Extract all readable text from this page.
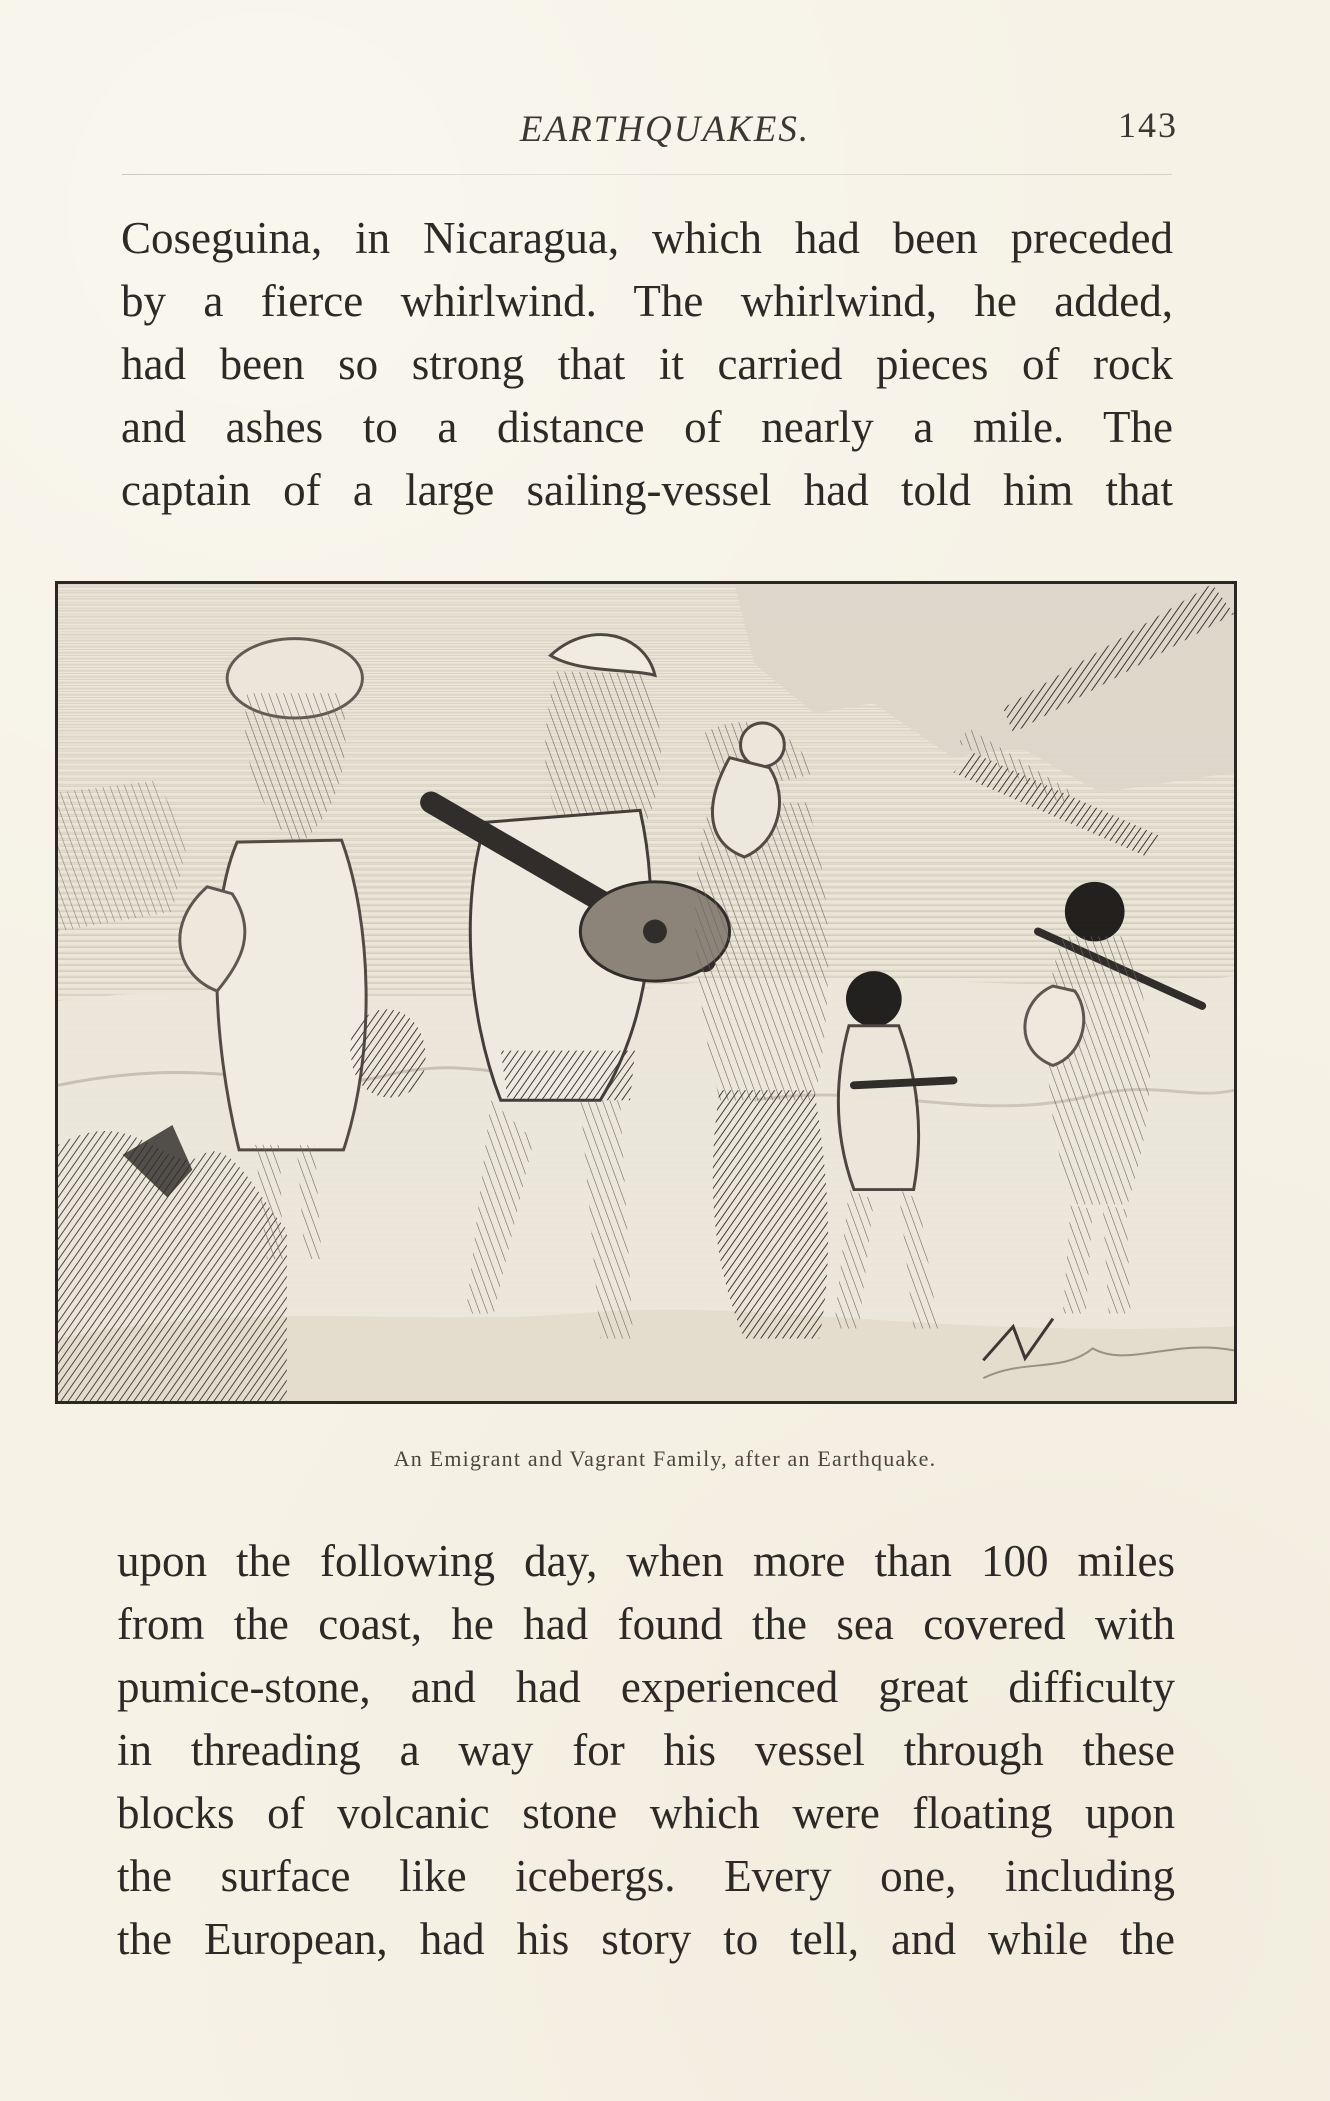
EARTHQUAKES.	143
Coseguina, in Nicaragua, which had been preceded
by a fierce whirlwind. The whirlwind, he added,
had been so strong that it carried pieces of rock
and ashes to a distance of nearly a mile. The
captain of a large sailing-vessel had told him that
An Emigrant and Vagrant Family, after an Earthquake.
upon the following day, when more than 100 miles
from the coast, he had found the sea covered with
pumice-stone, and had experienced great difficulty
in threading a way for his vessel through these
blocks of volcanic stone which were floating upon
the surface like icebergs. Every one, including
the European, had his story to tell, and while the
